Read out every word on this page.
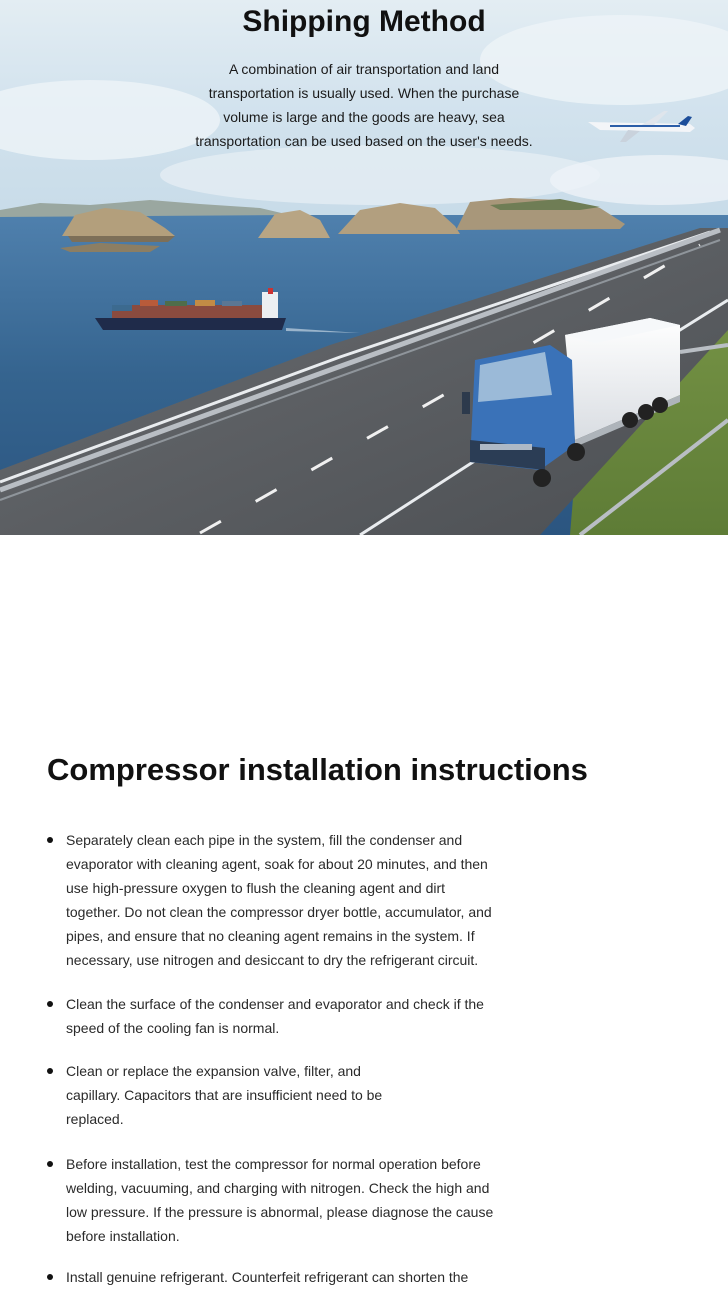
Shipping Method

A combination of air transportation and land transportation is usually used. When the purchase volume is large and the goods are heavy, sea transportation can be used based on the user's needs.

Compressor installation instructions
Separately clean each pipe in the system, fill the condenser and evaporator with cleaning agent, soak for about 20 minutes, and then use high-pressure oxygen to flush the cleaning agent and dirt together. Do not clean the compressor dryer bottle, accumulator, and pipes, and ensure that no cleaning agent remains in the system. If necessary, use nitrogen and desiccant to dry the refrigerant circuit.
Clean the surface of the condenser and evaporator and check if the speed of the cooling fan is normal.
Clean or replace the expansion valve, filter, and capillary. Capacitors that are insufficient need to be replaced.
Before installation, test the compressor for normal operation before welding, vacuuming, and charging with nitrogen. Check the high and low pressure. If the pressure is abnormal, please diagnose the cause before installation.
Install genuine refrigerant. Counterfeit refrigerant can shorten the
